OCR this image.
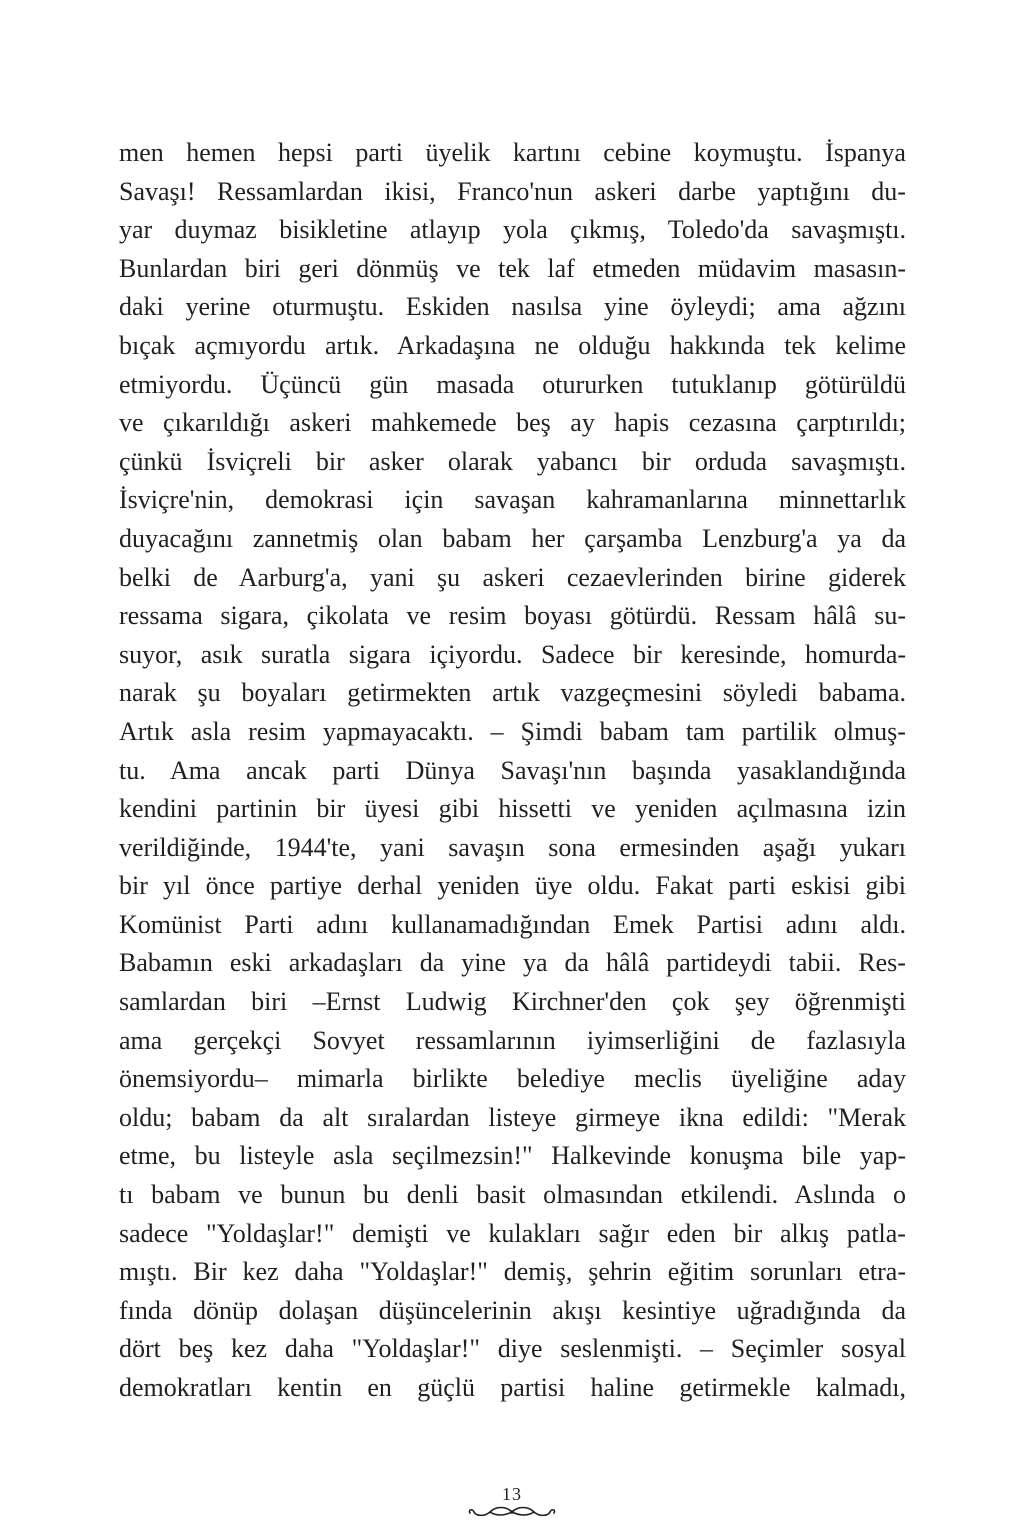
men hemen hepsi parti üyelik kartını cebine koymuştu. İspanya
Savaşı! Ressamlardan ikisi, Franco'nun askeri darbe yaptığını du-
yar duymaz bisikletine atlayıp yola çıkmış, Toledo'da savaşmıştı.
Bunlardan biri geri dönmüş ve tek laf etmeden müdavim masasın-
daki yerine oturmuştu. Eskiden nasılsa yine öyleydi; ama ağzını
bıçak açmıyordu artık. Arkadaşına ne olduğu hakkında tek kelime
etmiyordu. Üçüncü gün masada otururken tutuklanıp götürüldü
ve çıkarıldığı askeri mahkemede beş ay hapis cezasına çarptırıldı;
çünkü İsviçreli bir asker olarak yabancı bir orduda savaşmıştı.
İsviçre'nin, demokrasi için savaşan kahramanlarına minnettarlık
duyacağını zannetmiş olan babam her çarşamba Lenzburg'a ya da
belki de Aarburg'a, yani şu askeri cezaevlerinden birine giderek
ressama sigara, çikolata ve resim boyası götürdü. Ressam hâlâ su-
suyor, asık suratla sigara içiyordu. Sadece bir keresinde, homurda-
narak şu boyaları getirmekten artık vazgeçmesini söyledi babama.
Artık asla resim yapmayacaktı. – Şimdi babam tam partilik olmuş-
tu. Ama ancak parti Dünya Savaşı'nın başında yasaklandığında
kendini partinin bir üyesi gibi hissetti ve yeniden açılmasına izin
verildiğinde, 1944'te, yani savaşın sona ermesinden aşağı yukarı
bir yıl önce partiye derhal yeniden üye oldu. Fakat parti eskisi gibi
Komünist Parti adını kullanamadığından Emek Partisi adını aldı.
Babamın eski arkadaşları da yine ya da hâlâ partideydi tabii. Res-
samlardan biri –Ernst Ludwig Kirchner'den çok şey öğrenmişti
ama gerçekçi Sovyet ressamlarının iyimserliğini de fazlasıyla
önemsiyordu– mimarla birlikte belediye meclis üyeliğine aday
oldu; babam da alt sıralardan listeye girmeye ikna edildi: "Merak
etme, bu listeyle asla seçilmezsin!" Halkevinde konuşma bile yap-
tı babam ve bunun bu denli basit olmasından etkilendi. Aslında o
sadece "Yoldaşlar!" demişti ve kulakları sağır eden bir alkış patla-
mıştı. Bir kez daha "Yoldaşlar!" demiş, şehrin eğitim sorunları etra-
fında dönüp dolaşan düşüncelerinin akışı kesintiye uğradığında da
dört beş kez daha "Yoldaşlar!" diye seslenmişti. – Seçimler sosyal
demokratları kentin en güçlü partisi haline getirmekle kalmadı,
13
